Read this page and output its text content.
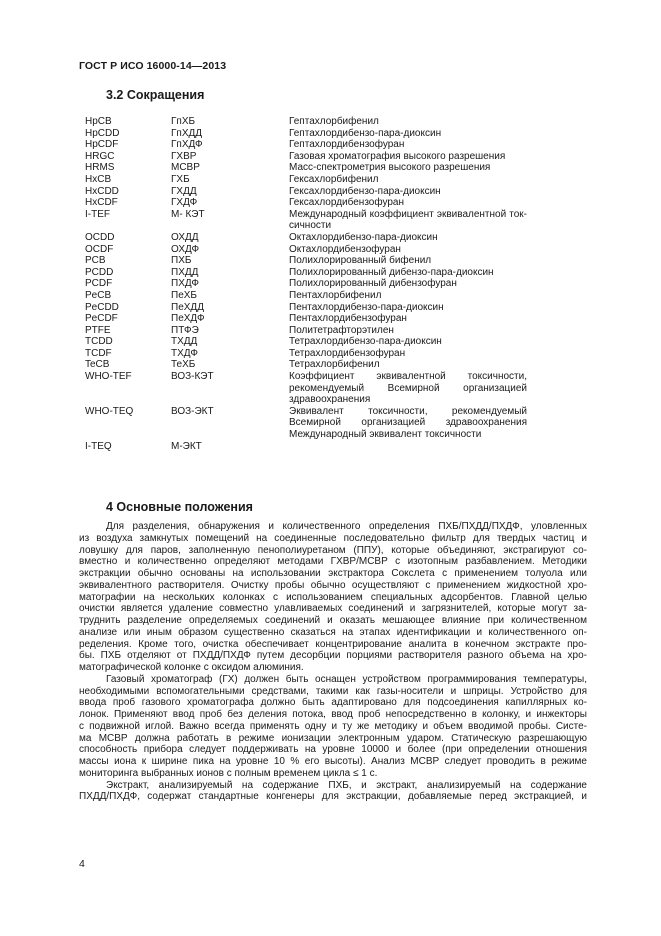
ГОСТ Р ИСО 16000-14—2013
3.2 Сокращения
HpCB	ГпХБ	Гептахлорбифенил
HpCDD	ГпХДД	Гептахлордибензо-пара-диоксин
HpCDF	ГпХДФ	Гептахлордибензофуран
HRGC	ГХВР	Газовая хроматография высокого разрешения
HRMS	МСВР	Масс-спектрометрия высокого разрешения
HxCB	ГХБ	Гексахлорбифенил
HxCDD	ГХДД	Гексахлордибензо-пара-диоксин
HxCDF	ГХДФ	Гексахлордибензофуран
I-TEF	М- КЭТ	Международный коэффициент эквивалентной ток-
сичности
OCDD	ОХДД	Октахлордибензо-пара-диоксин
OCDF	ОХДФ	Октахлордибензофуран
PCB	ПХБ	Полихлорированный бифенил
PCDD	ПХДД	Полихлорированный дибензо-пара-диоксин
PCDF	ПХДФ	Полихлорированный дибензофуран
PeCB	ПеХБ	Пентахлорбифенил
PeCDD	ПеХДД	Пентахлордибензо-пара-диоксин
PeCDF	ПеХДФ	Пентахлордибензофуран
PTFE	ПТФЭ	Политетрафторэтилен
TCDD	ТХДД	Тетрахлордибензо-пара-диоксин
TCDF	ТХДФ	Тетрахлордибензофуран
TeCB	ТеХБ	Тетрахлорбифенил
WHO-TEF	ВОЗ-КЭТ	Коэффициент эквивалентной токсичности,
рекомендуемый Всемирной организацией
здравоохранения
WHO-TEQ	ВОЗ-ЭКТ	Эквивалент токсичности, рекомендуемый
Всемирной организацией здравоохранения
Международный эквивалент токсичности
I-TEQ	М-ЭКТ
4 Основные положения
Для разделения, обнаружения и количественного определения ПХБ/ПХДД/ПХДФ, уловленных
из воздуха замкнутых помещений на соединенные последовательно фильтр для твердых частиц и
ловушку для паров, заполненную пенополиуретаном (ППУ), которые объединяют, экстрагируют со-
вместно и количественно определяют методами ГХВР/МСВР с изотопным разбавлением. Методики
экстракции обычно основаны на использовании экстрактора Сокслета с применением толуола или
эквивалентного растворителя. Очистку пробы обычно осуществляют с применением жидкостной хро-
матографии на нескольких колонках с использованием специальных адсорбентов. Главной целью
очистки является удаление совместно улавливаемых соединений и загрязнителей, которые могут за-
труднить разделение определяемых соединений и оказать мешающее влияние при количественном
анализе или иным образом существенно сказаться на этапах идентификации и количественного оп-
ределения. Кроме того, очистка обеспечивает концентрирование аналита в конечном экстракте про-
бы. ПХБ отделяют от ПХДД/ПХДФ путем десорбции порциями растворителя разного объема на хро-
матографической колонке с оксидом алюминия.
Газовый хроматограф (ГХ) должен быть оснащен устройством программирования температуры,
необходимыми вспомогательными средствами, такими как газы-носители и шприцы. Устройство для
ввода проб газового хроматографа должно быть адаптировано для подсоединения капиллярных ко-
лонок. Применяют ввод проб без деления потока, ввод проб непосредственно в колонку, и инжекторы
с подвижной иглой. Важно всегда применять одну и ту же методику и объем вводимой пробы. Систе-
ма МСВР должна работать в режиме ионизации электронным ударом. Статическую разрешающую
способность прибора следует поддерживать на уровне 10000 и более (при определении отношения
массы иона к ширине пика на уровне 10 % его высоты). Анализ МСВР следует проводить в режиме
мониторинга выбранных ионов с полным временем цикла ≤ 1 с.
Экстракт, анализируемый на содержание ПХБ, и экстракт, анализируемый на содержание
ПХДД/ПХДФ, содержат стандартные конгенеры для экстракции, добавляемые перед экстракцией, и
4
